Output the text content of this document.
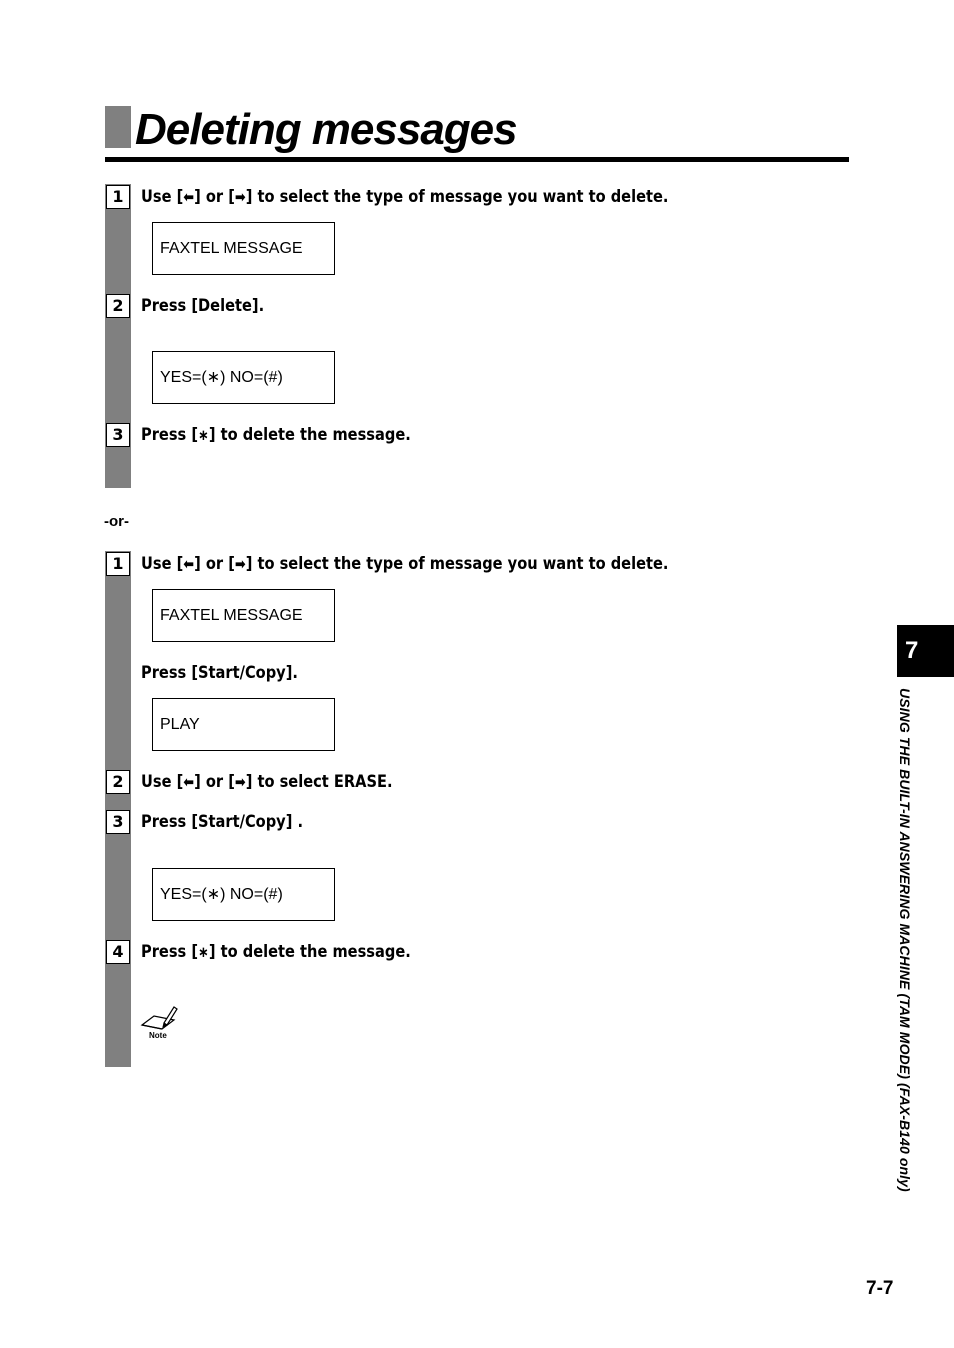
Deleting messages
1	Use [⬅] or [➡] to select the type of message you want to delete.
FAXTEL MESSAGE
2	Press [Delete].
YES=(∗) NO=(#)
3	Press [∗] to delete the message.
-or-
1	Use [⬅] or [➡] to select the type of message you want to delete.
FAXTEL MESSAGE
Press [Start/Copy].
PLAY
2	Use [⬅] or [➡] to select ERASE.
3	Press [Start/Copy] .
YES=(∗) NO=(#)
4	Press [∗] to delete the message.
Note
7
USING THE BUILT-IN ANSWERING MACHINE (TAM MODE) (FAX-B140 only)
7-7
